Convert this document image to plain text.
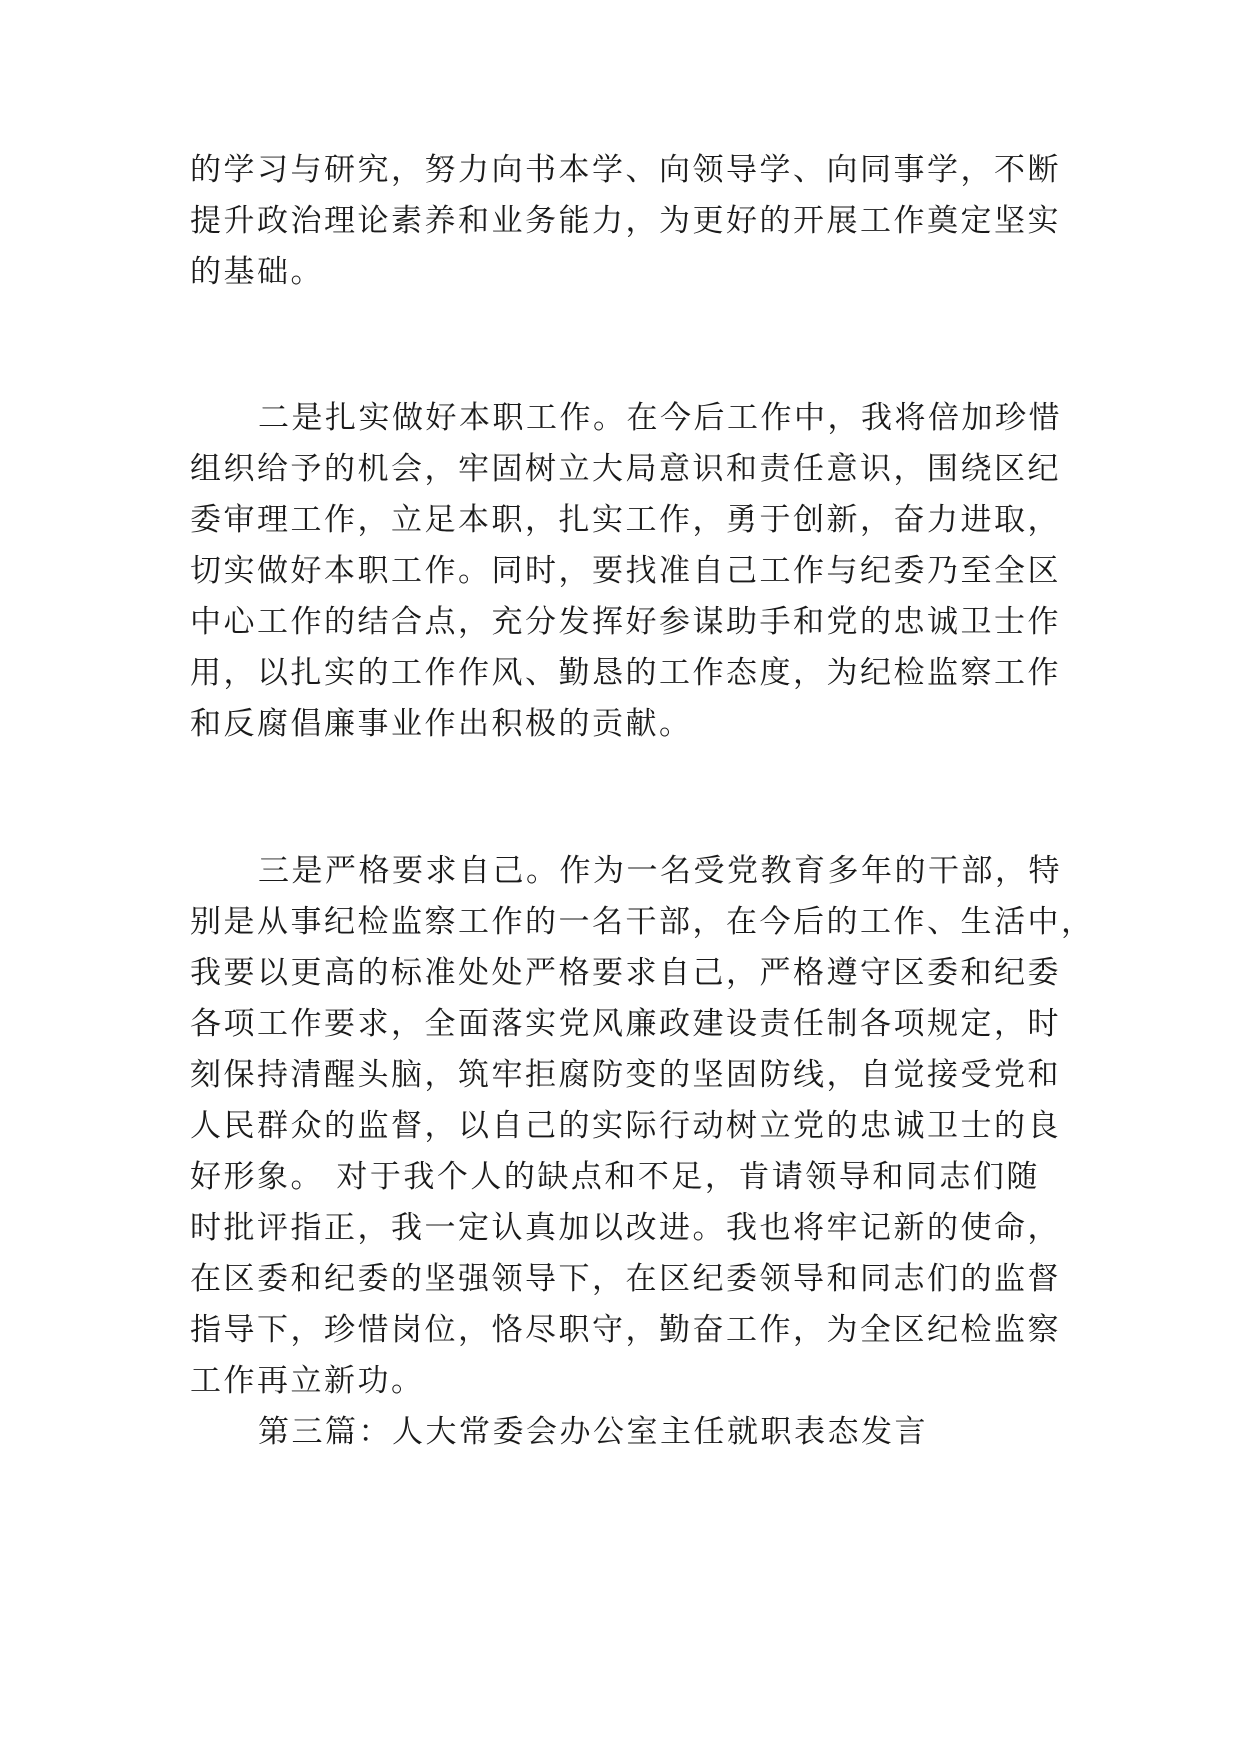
的学习与研究，努力向书本学、向领导学、向同事学，不断
提升政治理论素养和业务能力，为更好的开展工作奠定坚实
的基础。
二是扎实做好本职工作。在今后工作中，我将倍加珍惜
组织给予的机会，牢固树立大局意识和责任意识，围绕区纪
委审理工作，立足本职，扎实工作，勇于创新，奋力进取，
切实做好本职工作。同时，要找准自己工作与纪委乃至全区
中心工作的结合点，充分发挥好参谋助手和党的忠诚卫士作
用，以扎实的工作作风、勤恳的工作态度，为纪检监察工作
和反腐倡廉事业作出积极的贡献。
三是严格要求自己。作为一名受党教育多年的干部，特
别是从事纪检监察工作的一名干部，在今后的工作、生活中，
我要以更高的标准处处严格要求自己，严格遵守区委和纪委
各项工作要求，全面落实党风廉政建设责任制各项规定，时
刻保持清醒头脑，筑牢拒腐防变的坚固防线，自觉接受党和
人民群众的监督，以自己的实际行动树立党的忠诚卫士的良
好形象。 对于我个人的缺点和不足，肯请领导和同志们随
时批评指正，我一定认真加以改进。我也将牢记新的使命，
在区委和纪委的坚强领导下，在区纪委领导和同志们的监督
指导下，珍惜岗位，恪尽职守，勤奋工作，为全区纪检监察
工作再立新功。
第三篇：人大常委会办公室主任就职表态发言
